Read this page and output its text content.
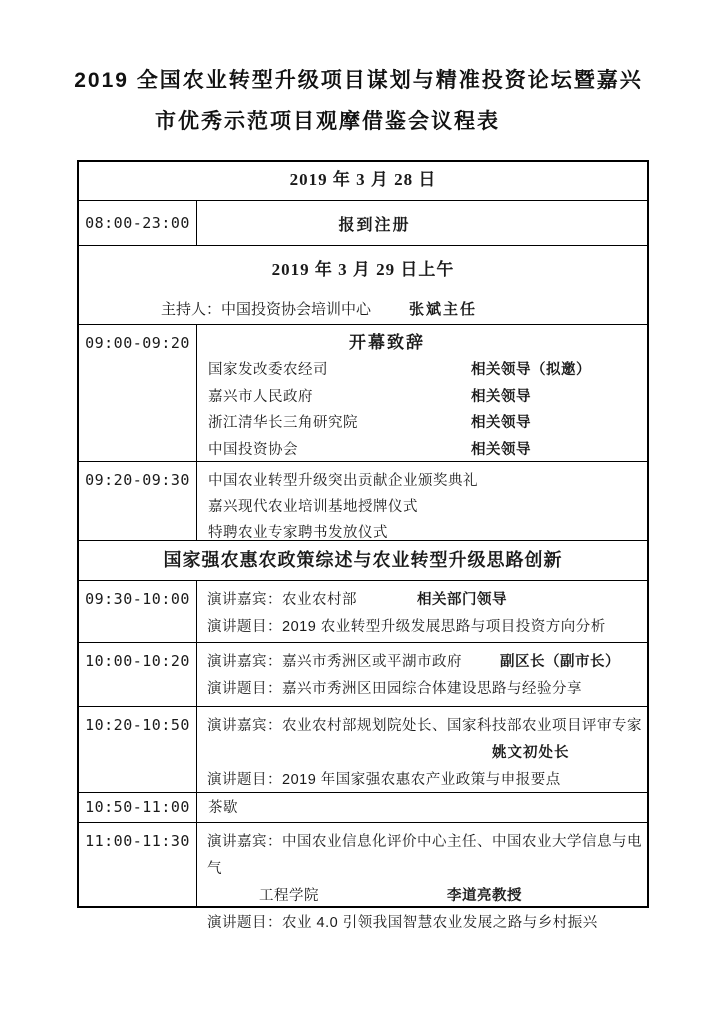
2019 全国农业转型升级项目谋划与精准投资论坛暨嘉兴
市优秀示范项目观摩借鉴会议程表
2019 年 3 月 28 日
08:00-23:00	报到注册
2019 年 3 月 29 日上午
主持人：中国投资协会培训中心	张斌主任
09:00-09:20	开幕致辞
国家发改委农经司	相关领导（拟邀）
嘉兴市人民政府	相关领导
浙江清华长三角研究院	相关领导
中国投资协会	相关领导
09:20-09:30	中国农业转型升级突出贡献企业颁奖典礼
嘉兴现代农业培训基地授牌仪式
特聘农业专家聘书发放仪式
国家强农惠农政策综述与农业转型升级思路创新
09:30-10:00	演讲嘉宾：农业农村部	相关部门领导
演讲题目：2019 农业转型升级发展思路与项目投资方向分析
10:00-10:20	演讲嘉宾：嘉兴市秀洲区或平湖市政府	副区长（副市长）
演讲题目：嘉兴市秀洲区田园综合体建设思路与经验分享
10:20-10:50	演讲嘉宾：农业农村部规划院处长、国家科技部农业项目评审专家
姚文初处长
演讲题目：2019 年国家强农惠农产业政策与申报要点
10:50-11:00	茶歇
11:00-11:30	演讲嘉宾：中国农业信息化评价中心主任、中国农业大学信息与电气
工程学院	李道亮教授
演讲题目：农业 4.0 引领我国智慧农业发展之路与乡村振兴
